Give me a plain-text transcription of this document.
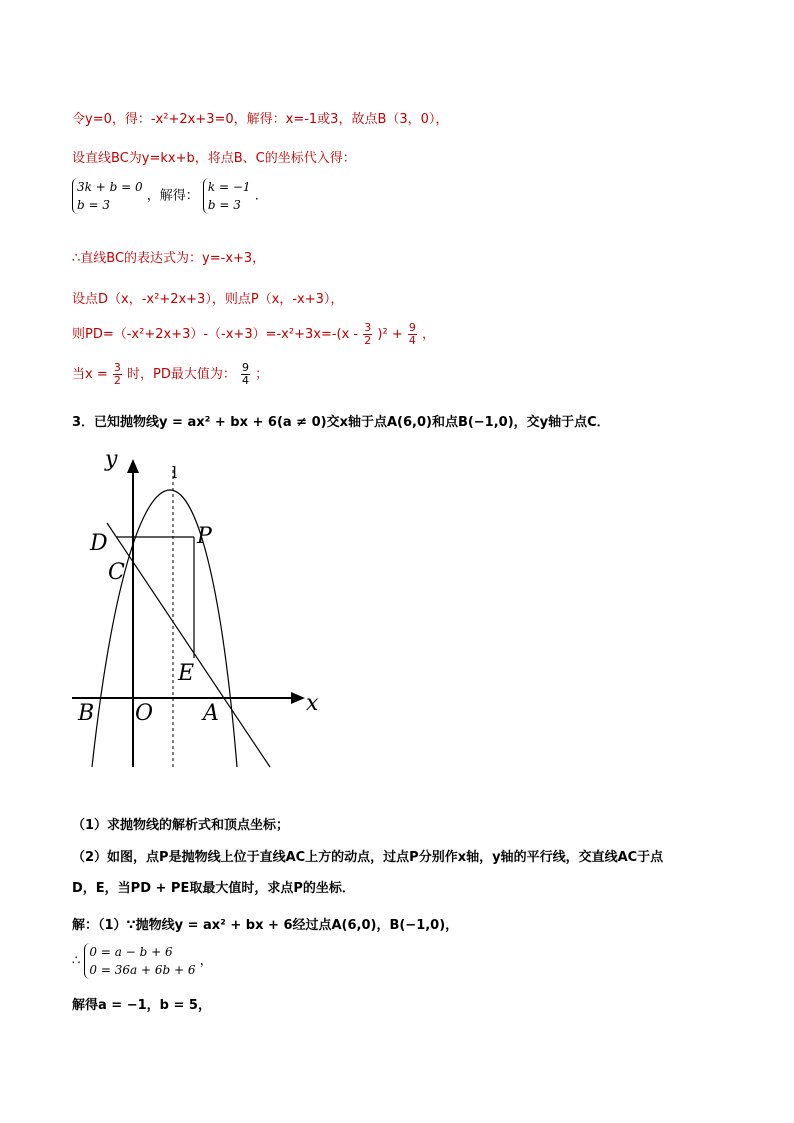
令y=0，得：-x²+2x+3=0，解得：x=-1或3，故点B（3，0），
设直线BC为y=kx+b，将点B、C的坐标代入得：
3k + b = 0
b = 3
，解得：
k = −1
b = 3
.
∴直线BC的表达式为：y=-x+3，
设点D（x，-x²+2x+3），则点P（x，-x+3），
则$PD=(-x^2+2x+3)-(-x+3)=-x^2+3x=-(x - \frac{3}{2} )^2 + \frac{9}{4}$ ，
当$x = \frac{3}{2}$ 时，PD最大值为： $\frac{9}{4}$ ；
3．已知抛物线y = ax² + bx + 6(a ≠ 0)交x轴于点A(6,0)和点B(−1,0)，交y轴于点C．
y
x
l
D	P
C
E
B O A
（1）求抛物线的解析式和顶点坐标；
（2）如图，点P是抛物线上位于直线AC上方的动点，过点P分别作x轴，y轴的平行线，交直线AC于点
D，E，当PD + PE取最大值时，求点P的坐标．
解：（1）∵抛物线y = ax² + bx + 6经过点A(6,0)，B(−1,0)，
∴
0 = a − b + 6
0 = 36a + 6b + 6
，
解得a = −1，b = 5，
